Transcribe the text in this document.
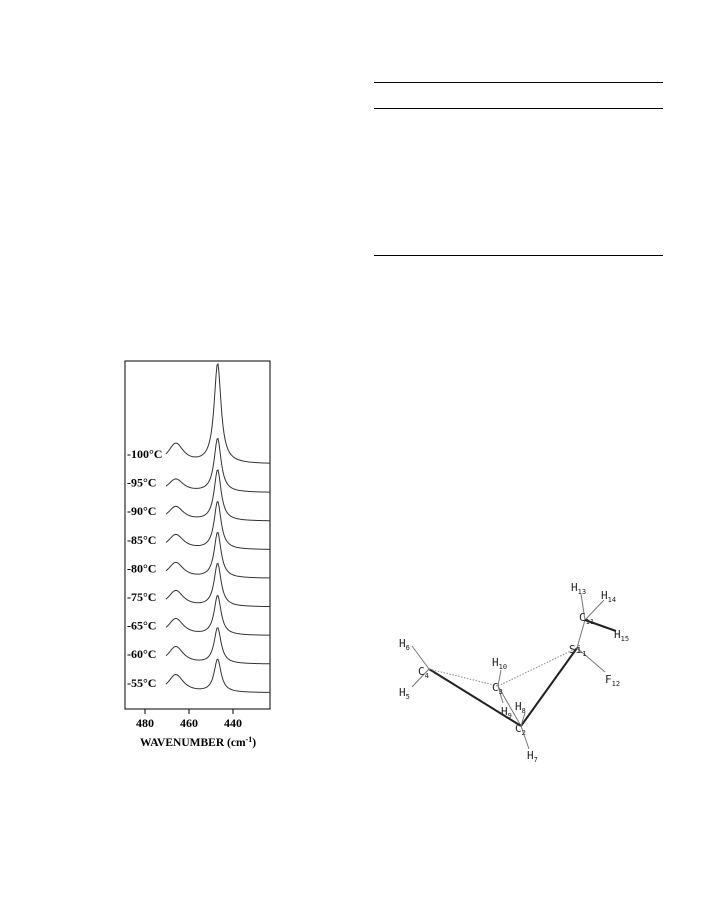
-100°C
-95°C
-90°C
-85°C
-80°C
-75°C
-65°C
-60°C
-55°C
480 460 440
WAVENUMBER $(cm^{-1})$
$Si_1$
$C_2$
$C_3$
$C_4$
$H_5$
$H_6$
$H_7$
$H_8$
$H_9$
$H_{10}$
$C_{11}$
$F_{12}$
$H_{13}$ $H_{14}$
$H_{15}$
